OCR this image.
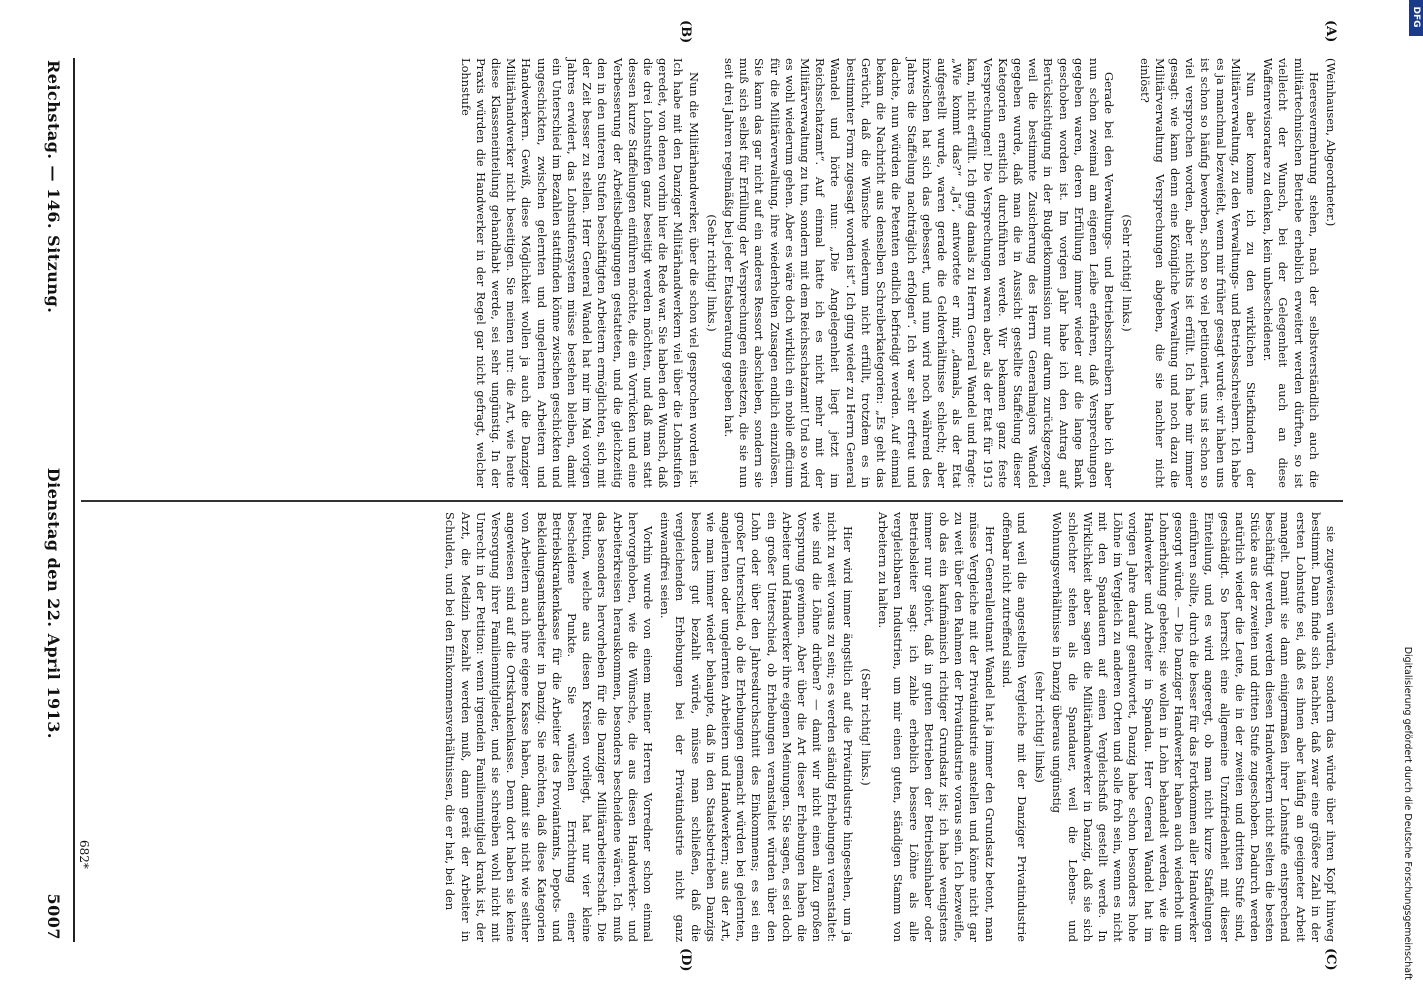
(Weinhausen, Abgeordneter.)

Heeresvermehrung stehen, nach der selbstverständlich auch die militärtechnischen Betriebe erheblich erweitert werden dürften, so ist vielleicht der Wunsch, bei der Gelegenheit auch an diese Waffenrevisoratare zu denken, kein unbescheidener.

Nun aber komme ich zu den wirklichen Stiefkindern der Militärverwaltung, zu den Verwaltungs- und Betriebsschreibern. Ich habe es ja manchmal bezweifelt, wenn mir früher gesagt wurde: wir haben uns ist schon so häufig beworben, schon so viel petitioniert, uns ist schon so viel versprochen worden, aber nichts ist erfüllt. Ich habe mir immer gesagt: wie kann denn eine Königliche Verwaltung und noch dazu die Militärverwaltung Versprechungen abgeben, die sie nachher nicht einlöst?

(Sehr richtig! links.)

Gerade bei den Verwaltungs- und Betriebsschreibern habe ich aber nun schon zweimal am eigenen Leibe erfahren, daß Versprechungen gegeben waren, deren Erfüllung immer wieder auf die lange Bank geschoben worden ist. Im vorigen Jahr habe ich den Antrag auf Berücksichtigung in der Budgetkommission nur darum zurückgezogen, weil die bestimmte Zusicherung des Herrn Generalmajors Wandel gegeben wurde, daß man die in Aussicht gestellte Staffelung dieser Kategorien ernstlich durchführen werde. Wir bekamen ganz feste Versprechungen! Die Versprechungen waren aber, als der Etat für 1913 kam, nicht erfüllt. Ich ging damals zu Herrn General Wandel und fragte: „Wie kommt das?“ „Ja“, antwortete er mir, „damals, als der Etat aufgestellt wurde, waren gerade die Geldverhältnisse schlecht; aber inzwischen hat sich das gebessert, und nun wird noch während des Jahres die Staffelung nachträglich erfolgen“. Ich war sehr erfreut und dachte, nun würden die Petenten endlich befriedigt werden. Auf einmal bekam die Nachricht aus denselben Schreiberkategorien: „Es geht das Gerücht, daß die Wünsche wiederum nicht erfüllt, trotzdem es in bestimmter Form zugesagt worden ist“. Ich ging wieder zu Herrn General Wandel und hörte nun: „Die Angelegenheit liegt jetzt im Reichsschatzamt“. Auf einmal hatte ich es nicht mehr mit der Militärverwaltung zu tun, sondern mit dem Reichsschatzamt! Und so wird es wohl wiederum gehen. Aber es wäre doch wirklich ein nobile officium für die Militärverwaltung, ihre wiederholten Zusagen endlich einzulösen. Sie kann das gar nicht auf ein anderes Ressort abschieben, sondern sie muß sich selbst für Erfüllung der Versprechungen einsetzen, die sie nun seit drei Jahren regelmäßig bei jeder Etatsberatung gegeben hat.

(Sehr richtig! links.)

Nun die Militärhandwerker, über die schon viel gesprochen worden ist. Ich habe mit den Danziger Militärhandwerkern viel über die Lohnstufen geredet, von denen vorhin hier die Rede war. Sie haben den Wunsch, daß die drei Lohnstufen ganz beseitigt werden möchten, und daß man statt dessen kurze Staffelungen einführen möchte, die ein Vorrücken und eine Verbesserung der Arbeitsbedingungen gestatteten, und die gleichzeitig den in den unteren Stufen beschäftigten Arbeitern ermöglichten, sich mit der Zeit besser zu stellen. Herr General Wandel hat mir im Mai vorigen Jahres erwidert, das Lohnstufensystem müsse bestehen bleiben, damit ein Unterschied im Bezahlen stattfinden könne zwischen geschickten und ungeschickten, zwischen gelernten und ungelernten Arbeitern und Handwerkern. Gewiß, diese Möglichkeit wollen ja auch die Danziger Militärhandwerker nicht beseitigen. Sie meinen nur: die Art, wie heute diese Klasseneinteilung gehandhabt werde, sei sehr ungünstig. In der Praxis würden die Handwerker in der Regel gar nicht gefragt, welcher Lohnstufe

sie zugewiesen würden, sondern das würde über ihren Kopf hinweg bestimmt. Dann finde sich nachher, daß zwar eine größere Zahl in der ersten Lohnstufe sei, daß es ihnen aber häufig an geeigneter Arbeit mangelt. Damit sie dann einigermaßen ihrer Lohnstufe entsprechend beschäftigt werden, werden diesen Handwerkern nicht selten die besten Stücke aus der zweiten und dritten Stufe zugeschoben. Dadurch werden natürlich wieder die Leute, die in der zweiten und dritten Stufe sind, geschädigt. So herrscht eine allgemeine Unzufriedenheit mit dieser Einteilung, und es wird angeregt, ob man nicht kurze Staffelungen einführen sollte, durch die besser für das Fortkommen aller Handwerker gesorgt würde. — Die Danziger Handwerker haben auch wiederholt um Lohnerhöhung gebeten; sie wollen in Lohn behandelt werden, wie die Handwerker und Arbeiter in Spandau. Herr General Wandel hat im vorigen Jahre darauf geantwortet, Danzig habe schon besonders hohe Löhne im Vergleich zu anderen Orten und solle froh sein, wenn es nicht mit den Spandauern auf einen Vergleichsfuß gestellt werde. In Wirklichkeit aber sagen die Militärhandwerker in Danzig, daß sie sich schlechter stehen als die Spandauer, weil die Lebens- und Wohnungsverhältnisse in Danzig überaus ungünstig

(sehr richtig! links)

und weil die angestellten Vergleiche mit der Danziger Privatindustrie offenbar nicht zutreffend sind.

Herr Generalleutnant Wandel hat ja immer den Grundsatz betont, man müsse Vergleiche mit der Privatindustrie anstellen und könne nicht gar zu weit über den Rahmen der Privatindustrie voraus sein. Ich bezweifle, ob das ein kaufmännisch richtiger Grundsatz ist; ich habe wenigstens immer nur gehört, daß in guten Betrieben der Betriebsinhaber oder Betriebsleiter sagt: ich zahle erheblich bessere Löhne als alle vergleichbaren Industrien, um mir einen guten, ständigen Stamm von Arbeitern zu halten.

(Sehr richtig! links.)

Hier wird immer ängstlich auf die Privatindustrie hingesehen, um ja nicht zu weit voraus zu sein; es werden ständig Erhebungen veranstaltet: wie sind die Löhne drüben? — damit wir nicht einen allzu großen Vorsprung gewinnen. Aber über die Art dieser Erhebungen haben die Arbeiter und Handwerker ihre eigenen Meinungen. Sie sagen, es sei doch ein großer Unterschied, ob Erhebungen veranstaltet würden über den Lohn oder über den Jahresdurchschnitt des Einkommens; es sei ein großer Unterschied, ob die Erhebungen gemacht würden bei gelernten, angelernten oder ungelernten Arbeitern und Handwerkern; aus der Art, wie man immer wieder behaupte, daß in den Staatsbetrieben Danzigs besonders gut bezahlt würde, müsse man schließen, daß die vergleichenden Erhebungen bei der Privatindustrie nicht ganz einwandfrei seien.

Vorhin wurde von einem meiner Herren Vorredner schon einmal hervorgehoben, wie die Wünsche, die aus diesen Handwerker- und Arbeiterkreisen herauskommen, besonders bescheidene wären. Ich muß das besonders hervorheben für die Danziger Militärarbeiterschaft. Die Petition, welche aus diesen Kreisen vorliegt, hat nur vier kleine bescheidene Punkte. Sie wünschen Errichtung einer Betriebskrankenkasse für die Arbeiter des Proviantamts, Depots- und Bekleidungsamtsarbeiter in Danzig. Sie möchten, daß diese Kategorien von Arbeitern auch ihre eigene Kasse haben, damit sie nicht wie seither angewiesen sind auf die Ortskrankenkasse. Denn dort haben sie keine Versorgung ihrer Familienmitglieder, und sie schreiben wohl nicht mit Unrecht in der Petition: wenn irgendein Familienmitglied krank ist, der Arzt, die Medizin bezahlt werden muß, dann gerät der Arbeiter in Schulden, und bei den Einkommensverhältnissen, die er hat, bei den

(A)
(B)
(C)
(D)
Reichstag. — 146. Sitzung.
Dienstag den 22. April 1913.
5007
682*	Digitalisierung gefördert durch die Deutsche Forschungsgemeinschaft
DFG
